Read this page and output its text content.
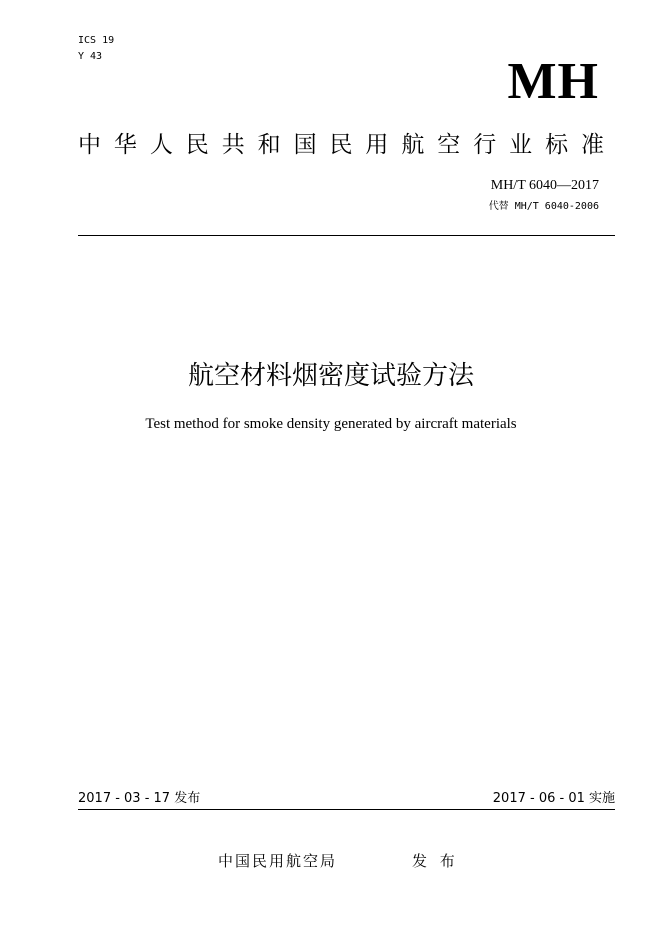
ICS 19
Y 43	MH
中华人民共和国民用航空行业标准
MH/T 6040—2017
代替 MH/T 6040-2006
航空材料烟密度试验方法
Test method for smoke density generated by aircraft materials
2017 - 03 - 17 发布	2017 - 06 - 01 实施
中国民用航空局	发 布
